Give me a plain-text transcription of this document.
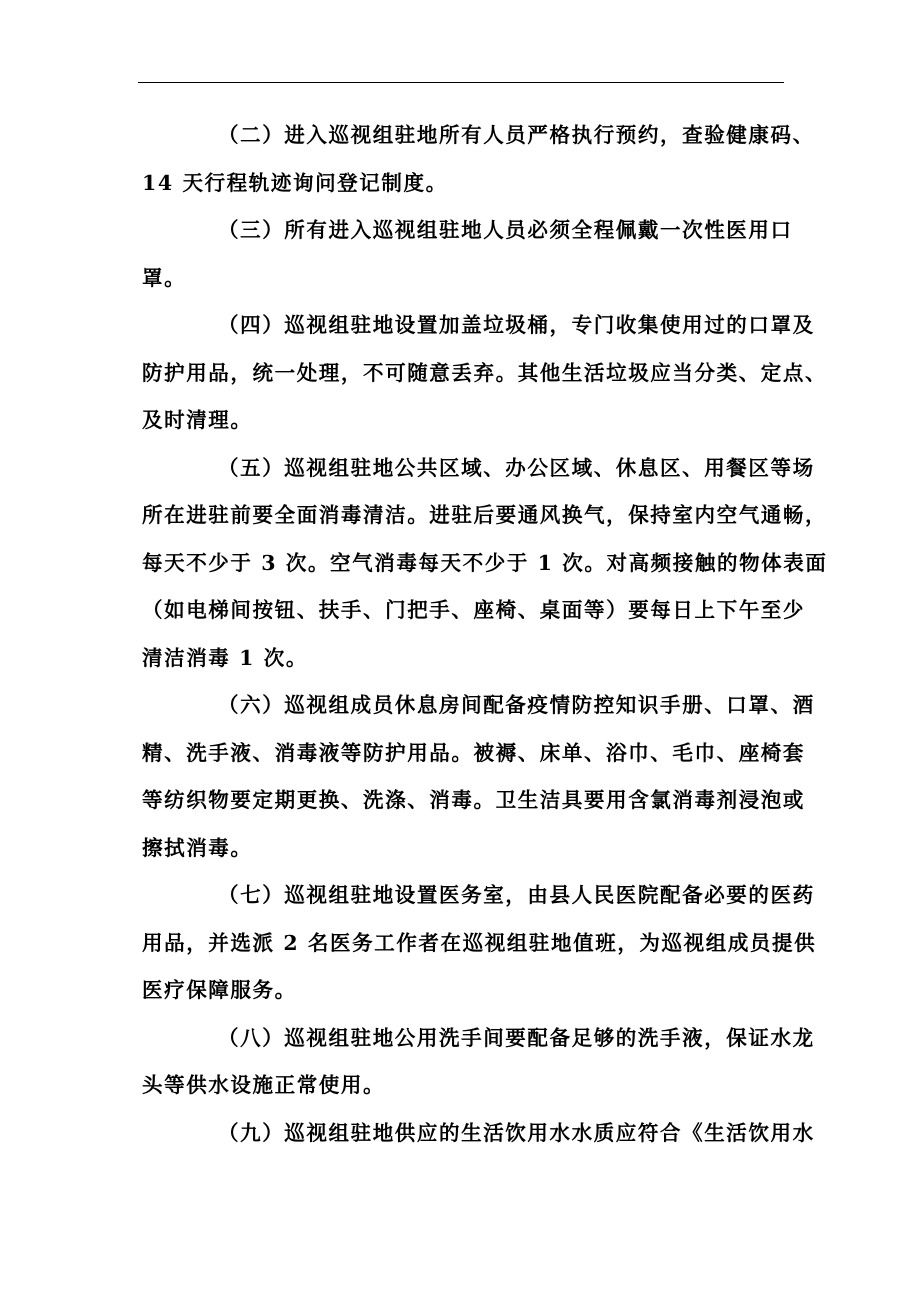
（二）进入巡视组驻地所有人员严格执行预约，查验健康码、
14 天行程轨迹询问登记制度。
（三）所有进入巡视组驻地人员必须全程佩戴一次性医用口
罩。
（四）巡视组驻地设置加盖垃圾桶，专门收集使用过的口罩及
防护用品，统一处理，不可随意丢弃。其他生活垃圾应当分类、定点、
及时清理。
（五）巡视组驻地公共区域、办公区域、休息区、用餐区等场
所在进驻前要全面消毒清洁。进驻后要通风换气，保持室内空气通畅，
每天不少于 3 次。空气消毒每天不少于 1 次。对高频接触的物体表面
（如电梯间按钮、扶手、门把手、座椅、桌面等）要每日上下午至少
清洁消毒 1 次。
（六）巡视组成员休息房间配备疫情防控知识手册、口罩、酒
精、洗手液、消毒液等防护用品。被褥、床单、浴巾、毛巾、座椅套
等纺织物要定期更换、洗涤、消毒。卫生洁具要用含氯消毒剂浸泡或
擦拭消毒。
（七）巡视组驻地设置医务室，由县人民医院配备必要的医药
用品，并选派 2 名医务工作者在巡视组驻地值班，为巡视组成员提供
医疗保障服务。
（八）巡视组驻地公用洗手间要配备足够的洗手液，保证水龙
头等供水设施正常使用。
（九）巡视组驻地供应的生活饮用水水质应符合《生活饮用水
